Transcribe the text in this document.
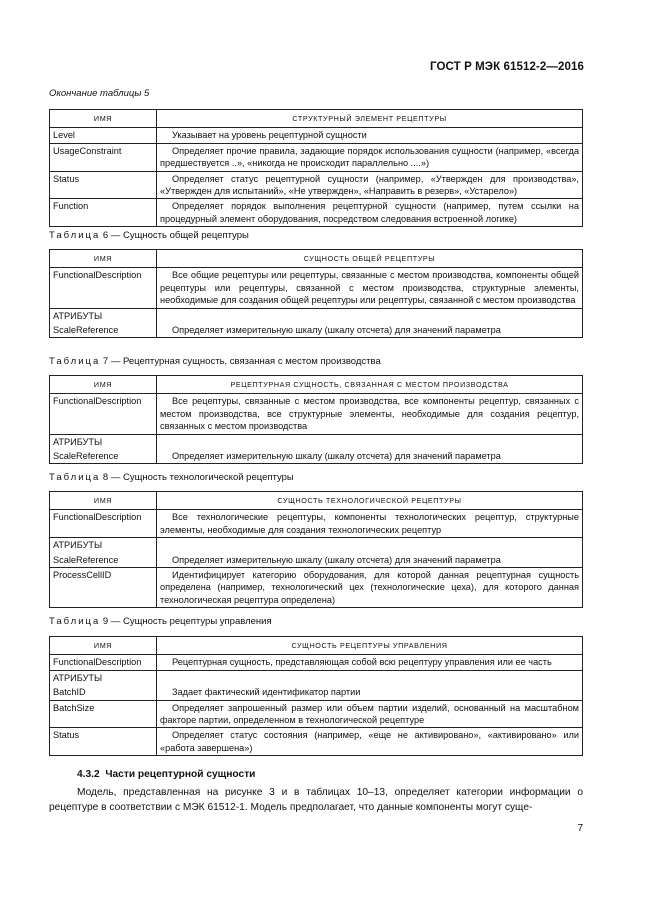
ГОСТ Р МЭК 61512-2—2016
Окончание таблицы 5
ИМЯ	СТРУКТУРНЫЙ ЭЛЕМЕНТ РЕЦЕПТУРЫ
Level	Указывает на уровень рецептурной сущности
UsageConstraint	Определяет прочие правила, задающие порядок использования сущности (например, «всегда предшествуется ..», «никогда не происходит параллельно ....»)
Status	Определяет статус рецептурной сущности (например, «Утвержден для производства», «Утвержден для испытаний», «Не утвержден», «Направить в резерв», «Устарело»)
Function	Определяет порядок выполнения рецептурной сущности (например, путем ссылки на процедурный элемент оборудования, посредством следования встроенной логике)
Таблица 6 — Сущность общей рецептуры
ИМЯ	СУЩНОСТЬ ОБЩЕЙ РЕЦЕПТУРЫ
FunctionalDescription	Все общие рецептуры или рецептуры, связанные с местом производства, компоненты общей рецептуры или рецептуры, связанной с местом производства, структурные элементы, необходимые для создания общей рецептуры или рецептуры, связанной с местом производства
АТРИБУТЫ	
ScaleReference	Определяет измерительную шкалу (шкалу отсчета) для значений параметра
Таблица 7 — Рецептурная сущность, связанная с местом производства
ИМЯ	РЕЦЕПТУРНАЯ СУЩНОСТЬ, СВЯЗАННАЯ С МЕСТОМ ПРОИЗВОДСТВА
FunctionalDescription	Все рецептуры, связанные с местом производства, все компоненты рецептур, связанных с местом производства, все структурные элементы, необходимые для создания рецептур, связанных с местом производства
АТРИБУТЫ	
ScaleReference	Определяет измерительную шкалу (шкалу отсчета) для значений параметра
Таблица 8 — Сущность технологической рецептуры
ИМЯ	СУЩНОСТЬ ТЕХНОЛОГИЧЕСКОЙ РЕЦЕПТУРЫ
FunctionalDescription	Все технологические рецептуры, компоненты технологических рецептур, структурные элементы, необходимые для создания технологических рецептур
АТРИБУТЫ	
ScaleReference	Определяет измерительную шкалу (шкалу отсчета) для значений параметра
ProcessCellID	Идентифицирует категорию оборудования, для которой данная рецептурная сущность определена (например, технологический цех (технологические цеха), для которого данная технологическая рецептура определена)
Таблица 9 — Сущность рецептуры управления
ИМЯ	СУЩНОСТЬ РЕЦЕПТУРЫ УПРАВЛЕНИЯ
FunctionalDescription	Рецептурная сущность, представляющая собой всю рецептуру управления или ее часть
АТРИБУТЫ	
BatchID	Задает фактический идентификатор партии
BatchSize	Определяет запрошенный размер или объем партии изделий, основанный на масштабном факторе партии, определенном в технологической рецептуре
Status	Определяет статус состояния (например, «еще не активировано», «активировано» или «работа завершена»)
4.3.2 Части рецептурной сущности
Модель, представленная на рисунке 3 и в таблицах 10–13, определяет категории информации о рецептуре в соответствии с МЭК 61512-1. Модель предполагает, что данные компоненты могут суще-
7
